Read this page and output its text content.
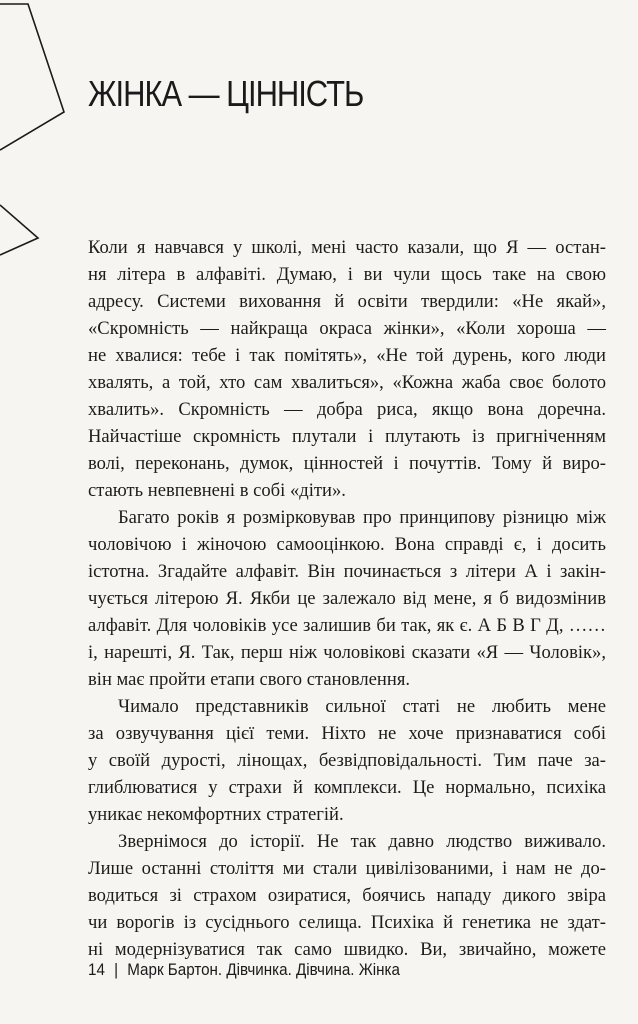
ЖІНКА — ЦІННІСТЬ

Коли я навчався у школі, мені часто казали, що Я — остан-
ня літера в алфавіті. Думаю, і ви чули щось таке на свою
адресу. Системи виховання й освіти твердили: «Не якай»,
«Скромність — найкраща окраса жінки», «Коли хороша —
не хвалися: тебе і так помітять», «Не той дурень, кого люди
хвалять, а той, хто сам хвалиться», «Кожна жаба своє болото
хвалить». Скромність — добра риса, якщо вона доречна.
Найчастіше скромність плутали і плутають із пригніченням
волі, переконань, думок, цінностей і почуттів. Тому й виро-
стають невпевнені в собі «діти».

Багато років я розмірковував про принципову різницю між
чоловічою і жіночою самооцінкою. Вона справді є, і досить
істотна. Згадайте алфавіт. Він починається з літери А і закін-
чується літерою Я. Якби це залежало від мене, я б видозмінив
алфавіт. Для чоловіків усе залишив би так, як є. А Б В Г Д, ……
і, нарешті, Я. Так, перш ніж чоловікові сказати «Я — Чоловік»,
він має пройти етапи свого становлення.

Чимало представників сильної статі не любить мене
за озвучування цієї теми. Ніхто не хоче признаватися собі
у своїй дурості, лінощах, безвідповідальності. Тим паче за-
глиблюватися у страхи й комплекси. Це нормально, психіка
уникає некомфортних стратегій.

Звернімося до історії. Не так давно людство виживало.
Лише останні століття ми стали цивілізованими, і нам не до-
водиться зі страхом озиратися, боячись нападу дикого звіра
чи ворогів із сусіднього селища. Психіка й генетика не здат-
ні модернізуватися так само швидко. Ви, звичайно, можете

14 | Марк Бартон. Дівчинка. Дівчина. Жінка
